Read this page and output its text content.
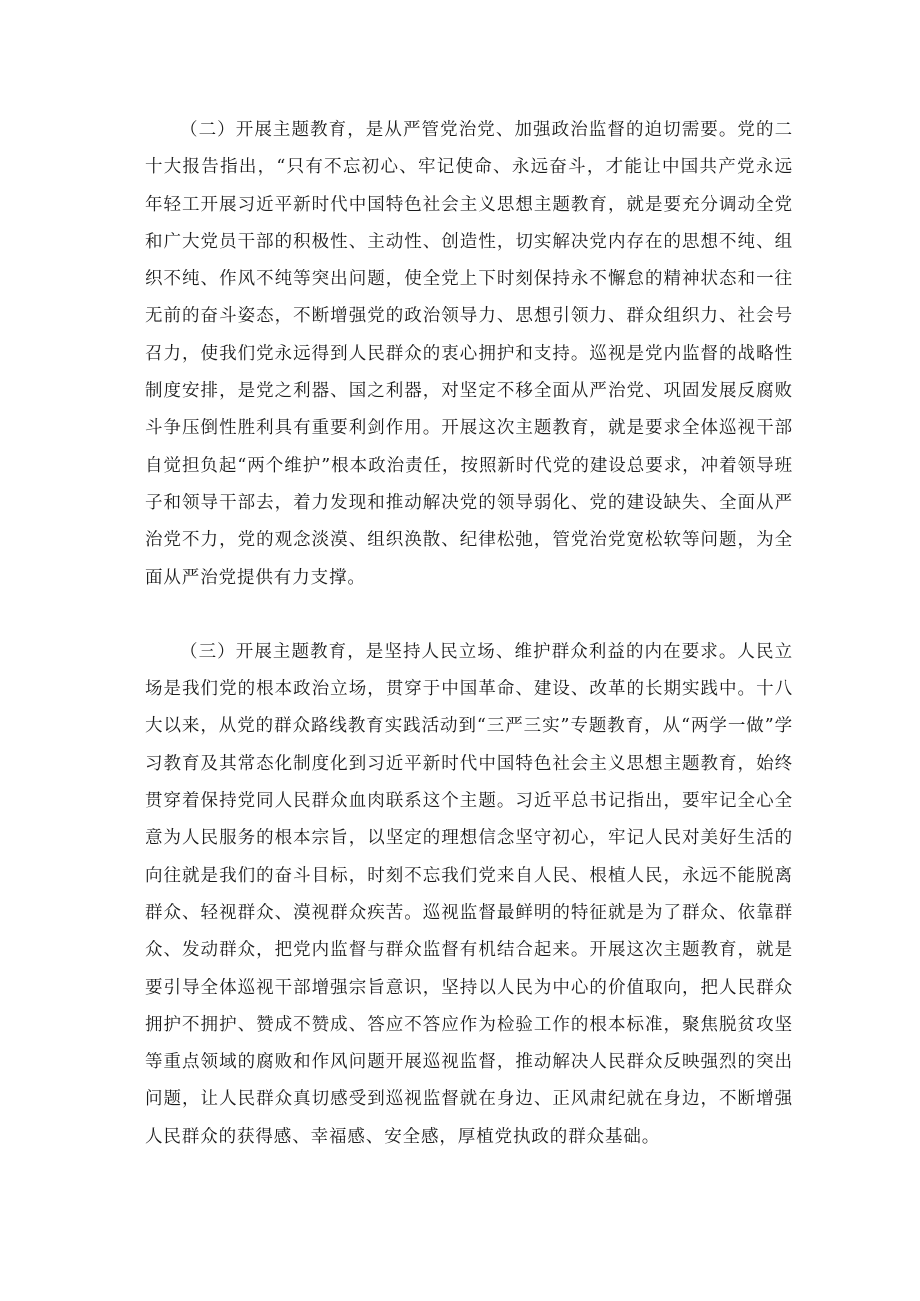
（二）开展主题教育，是从严管党治党、加强政治监督的迫切需要。党的二十大报告指出，“只有不忘初心、牢记使命、永远奋斗，才能让中国共产党永远年轻工开展习近平新时代中国特色社会主义思想主题教育，就是要充分调动全党和广大党员干部的积极性、主动性、创造性，切实解决党内存在的思想不纯、组织不纯、作风不纯等突出问题，使全党上下时刻保持永不懈怠的精神状态和一往无前的奋斗姿态，不断增强党的政治领导力、思想引领力、群众组织力、社会号召力，使我们党永远得到人民群众的衷心拥护和支持。巡视是党内监督的战略性制度安排，是党之利器、国之利器，对坚定不移全面从严治党、巩固发展反腐败斗争压倒性胜利具有重要利剑作用。开展这次主题教育，就是要求全体巡视干部自觉担负起“两个维护”根本政治责任，按照新时代党的建设总要求，冲着领导班子和领导干部去，着力发现和推动解决党的领导弱化、党的建设缺失、全面从严治党不力，党的观念淡漠、组织涣散、纪律松弛，管党治党宽松软等问题，为全面从严治党提供有力支撑。

（三）开展主题教育，是坚持人民立场、维护群众利益的内在要求。人民立场是我们党的根本政治立场，贯穿于中国革命、建设、改革的长期实践中。十八大以来，从党的群众路线教育实践活动到“三严三实”专题教育，从“两学一做”学习教育及其常态化制度化到习近平新时代中国特色社会主义思想主题教育，始终贯穿着保持党同人民群众血肉联系这个主题。习近平总书记指出，要牢记全心全意为人民服务的根本宗旨，以坚定的理想信念坚守初心，牢记人民对美好生活的向往就是我们的奋斗目标，时刻不忘我们党来自人民、根植人民，永远不能脱离群众、轻视群众、漠视群众疾苦。巡视监督最鲜明的特征就是为了群众、依靠群众、发动群众，把党内监督与群众监督有机结合起来。开展这次主题教育，就是要引导全体巡视干部增强宗旨意识，坚持以人民为中心的价值取向，把人民群众拥护不拥护、赞成不赞成、答应不答应作为检验工作的根本标准，聚焦脱贫攻坚等重点领域的腐败和作风问题开展巡视监督，推动解决人民群众反映强烈的突出问题，让人民群众真切感受到巡视监督就在身边、正风肃纪就在身边，不断增强人民群众的获得感、幸福感、安全感，厚植党执政的群众基础。
